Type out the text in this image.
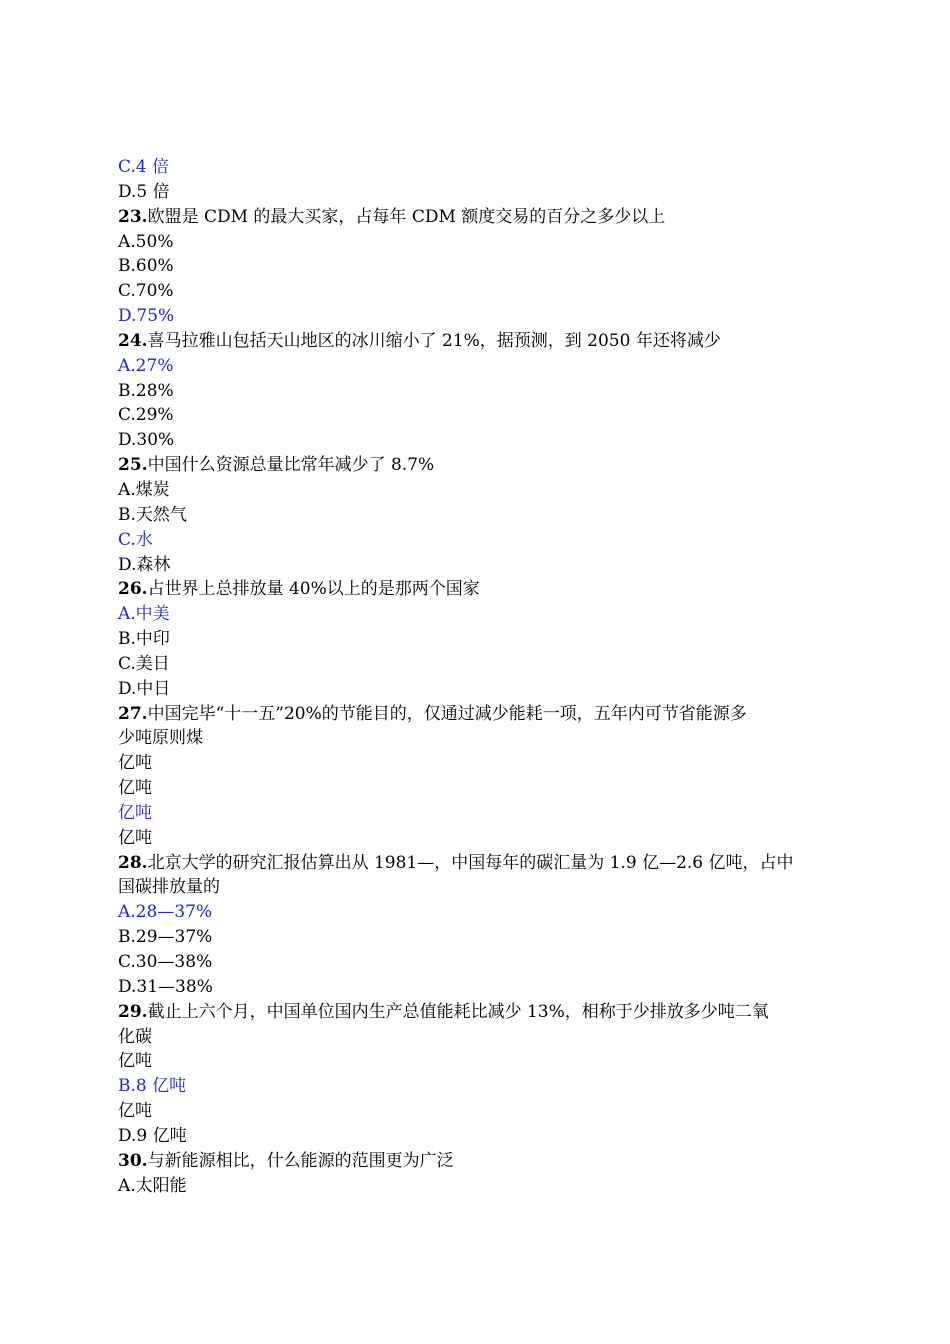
C.4 倍
D.5 倍
23.欧盟是 CDM 的最大买家，占每年 CDM 额度交易的百分之多少以上
A.50%
B.60%
C.70%
D.75%
24.喜马拉雅山包括天山地区的冰川缩小了 21%，据预测，到 2050 年还将减少
A.27%
B.28%
C.29%
D.30%
25.中国什么资源总量比常年减少了 8.7%
A.煤炭
B.天然气
C.水
D.森林
26.占世界上总排放量 40%以上的是那两个国家
A.中美
B.中印
C.美日
D.中日
27.中国完毕“十一五”20%的节能目的，仅通过减少能耗一项，五年内可节省能源多
少吨原则煤
亿吨
亿吨
亿吨
亿吨
28.北京大学的研究汇报估算出从 1981—，中国每年的碳汇量为 1.9 亿—2.6 亿吨，占中
国碳排放量的
A.28—37%
B.29—37%
C.30—38%
D.31—38%
29.截止上六个月，中国单位国内生产总值能耗比减少 13%，相称于少排放多少吨二氧
化碳
亿吨
B.8 亿吨
亿吨
D.9 亿吨
30.与新能源相比，什么能源的范围更为广泛
A.太阳能
